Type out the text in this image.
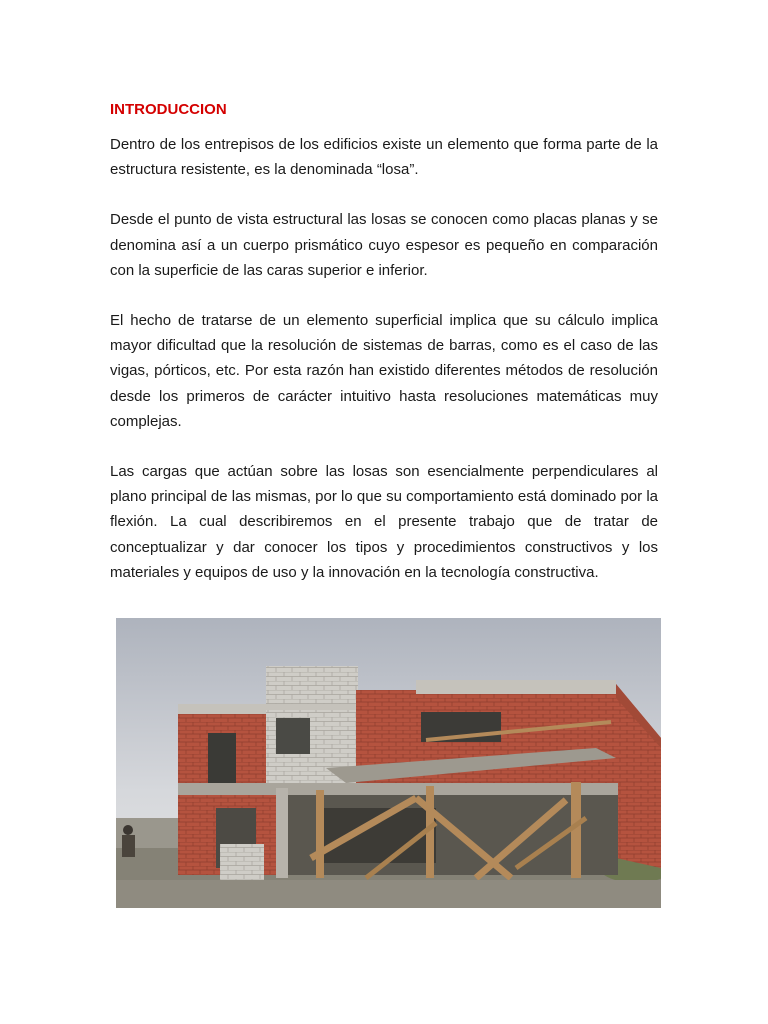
INTRODUCCION

Dentro de los entrepisos de los edificios existe un elemento que forma parte de la estructura resistente, es la denominada “losa”.

Desde el punto de vista estructural las losas se conocen como placas planas y se denomina así a un cuerpo prismático cuyo espesor es pequeño en comparación con la superficie de las caras superior e inferior.

El hecho de tratarse de un elemento superficial implica que su cálculo implica mayor dificultad que la resolución de sistemas de barras, como es el caso de las vigas, pórticos, etc. Por esta razón han existido diferentes métodos de resolución desde los primeros de carácter intuitivo hasta resoluciones matemáticas muy complejas.

Las cargas que actúan sobre las losas son esencialmente perpendiculares al plano principal de las mismas, por lo que su comportamiento está dominado por la flexión. La cual describiremos en el presente trabajo que de tratar de conceptualizar y dar conocer los tipos y procedimientos constructivos y los materiales y equipos de uso y la innovación en la tecnología constructiva.
